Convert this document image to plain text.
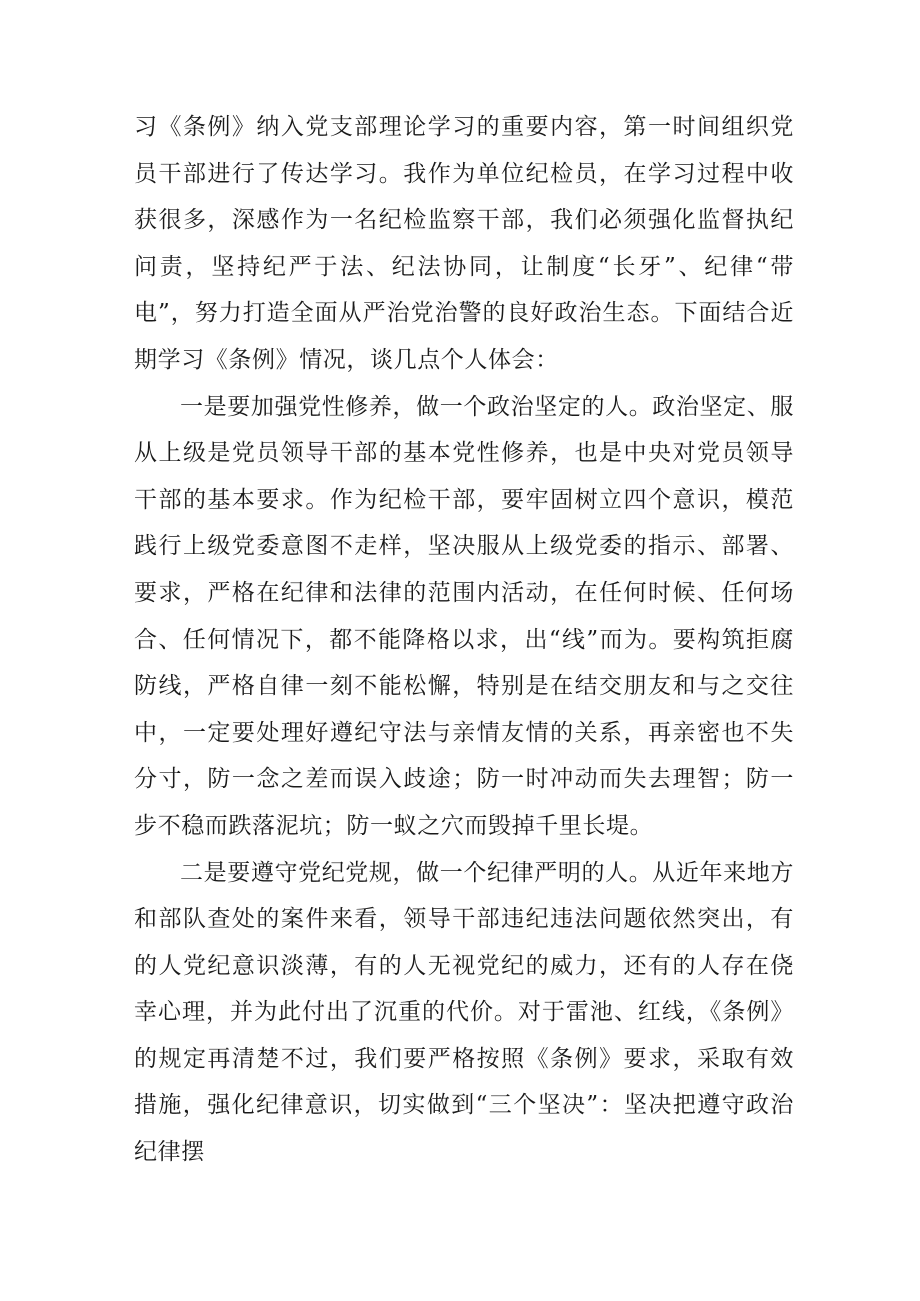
习《条例》纳入党支部理论学习的重要内容，第一时间组织党员干部进行了传达学习。我作为单位纪检员，在学习过程中收获很多，深感作为一名纪检监察干部，我们必须强化监督执纪问责，坚持纪严于法、纪法协同，让制度“长牙”、纪律“带电”，努力打造全面从严治党治警的良好政治生态。下面结合近期学习《条例》情况，谈几点个人体会：

一是要加强党性修养，做一个政治坚定的人。政治坚定、服从上级是党员领导干部的基本党性修养，也是中央对党员领导干部的基本要求。作为纪检干部，要牢固树立四个意识，模范践行上级党委意图不走样，坚决服从上级党委的指示、部署、要求，严格在纪律和法律的范围内活动，在任何时候、任何场合、任何情况下，都不能降格以求，出“线”而为。要构筑拒腐防线，严格自律一刻不能松懈，特别是在结交朋友和与之交往中，一定要处理好遵纪守法与亲情友情的关系，再亲密也不失分寸，防一念之差而误入歧途；防一时冲动而失去理智；防一步不稳而跌落泥坑；防一蚁之穴而毁掉千里长堤。

二是要遵守党纪党规，做一个纪律严明的人。从近年来地方和部队查处的案件来看，领导干部违纪违法问题依然突出，有的人党纪意识淡薄，有的人无视党纪的威力，还有的人存在侥幸心理，并为此付出了沉重的代价。对于雷池、红线，《条例》的规定再清楚不过，我们要严格按照《条例》要求，采取有效措施，强化纪律意识，切实做到“三个坚决”：坚决把遵守政治纪律摆
